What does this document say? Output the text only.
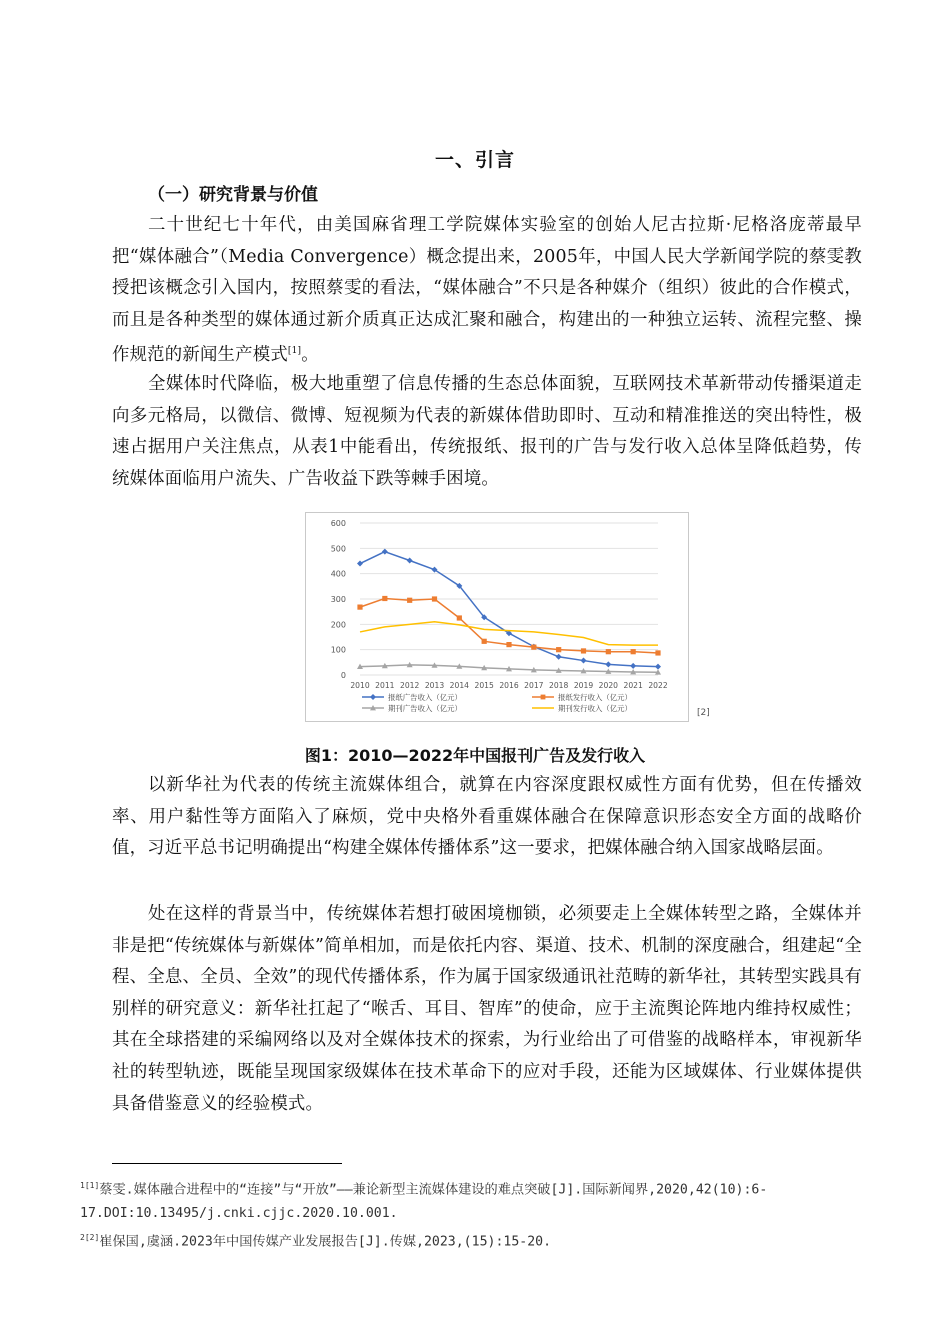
一、引言
（一）研究背景与价值

二十世纪七十年代，由美国麻省理工学院媒体实验室的创始人尼古拉斯·尼格洛庞蒂最早把“媒体融合”（Media Convergence）概念提出来，2005年，中国人民大学新闻学院的蔡雯教授把该概念引入国内，按照蔡雯的看法，“媒体融合”不只是各种媒介（组织）彼此的合作模式，而且是各种类型的媒体通过新介质真正达成汇聚和融合，构建出的一种独立运转、流程完整、操作规范的新闻生产模式[1]。

全媒体时代降临，极大地重塑了信息传播的生态总体面貌，互联网技术革新带动传播渠道走向多元格局，以微信、微博、短视频为代表的新媒体借助即时、互动和精准推送的突出特性，极速占据用户关注焦点，从表1中能看出，传统报纸、报刊的广告与发行收入总体呈降低趋势，传统媒体面临用户流失、广告收益下跌等棘手困境。

0
100
200
300
400
500
600
2010 2011 2012 2013 2014 2015 2016 2017 2018 2019 2020 2021 2022
报纸广告收入（亿元）	报纸发行收入（亿元）
期刊广告收入（亿元）	期刊发行收入（亿元）	[2]
图1：2010—2022年中国报刊广告及发行收入

以新华社为代表的传统主流媒体组合，就算在内容深度跟权威性方面有优势，但在传播效率、用户黏性等方面陷入了麻烦，党中央格外看重媒体融合在保障意识形态安全方面的战略价值，习近平总书记明确提出“构建全媒体传播体系”这一要求，把媒体融合纳入国家战略层面。

处在这样的背景当中，传统媒体若想打破困境枷锁，必须要走上全媒体转型之路，全媒体并非是把“传统媒体与新媒体”简单相加，而是依托内容、渠道、技术、机制的深度融合，组建起“全程、全息、全员、全效”的现代传播体系，作为属于国家级通讯社范畴的新华社，其转型实践具有别样的研究意义：新华社扛起了“喉舌、耳目、智库”的使命，应于主流舆论阵地内维持权威性；其在全球搭建的采编网络以及对全媒体技术的探索，为行业给出了可借鉴的战略样本，审视新华社的转型轨迹，既能呈现国家级媒体在技术革命下的应对手段，还能为区域媒体、行业媒体提供具备借鉴意义的经验模式。

$^{1[1]}$蔡雯.媒体融合进程中的“连接”与“开放”——兼论新型主流媒体建设的难点突破[J].国际新闻界,2020,42(10):6-17.DOI:10.13495/j.cnki.cjjc.2020.10.001.

$^{2[2]}$崔保国,虞涵.2023年中国传媒产业发展报告[J].传媒,2023,(15):15-20.
